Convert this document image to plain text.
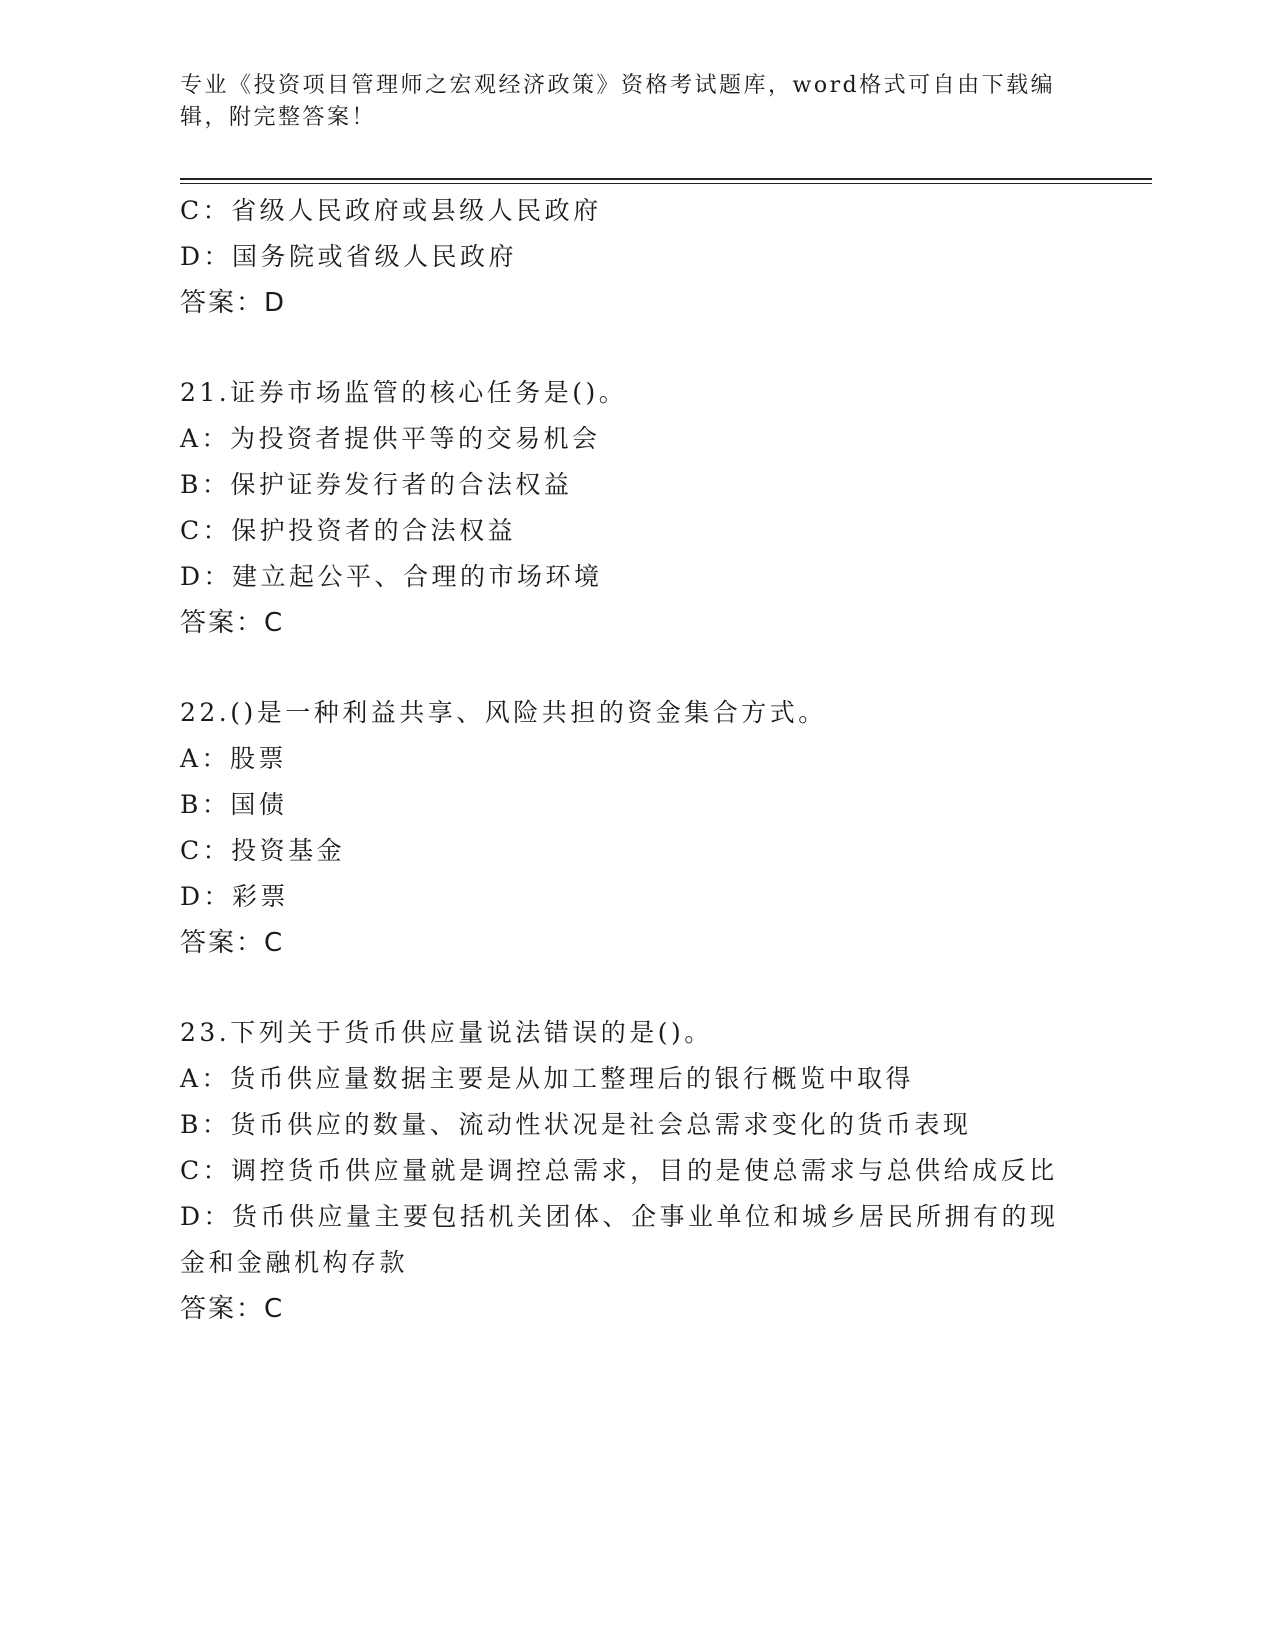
专业《投资项目管理师之宏观经济政策》资格考试题库，word格式可自由下载编
辑，附完整答案！
C：省级人民政府或县级人民政府
D：国务院或省级人民政府
答案：D
21.证券市场监管的核心任务是()。
A：为投资者提供平等的交易机会
B：保护证券发行者的合法权益
C：保护投资者的合法权益
D：建立起公平、合理的市场环境
答案：C
22.()是一种利益共享、风险共担的资金集合方式。
A：股票
B：国债
C：投资基金
D：彩票
答案：C
23.下列关于货币供应量说法错误的是()。
A：货币供应量数据主要是从加工整理后的银行概览中取得
B：货币供应的数量、流动性状况是社会总需求变化的货币表现
C：调控货币供应量就是调控总需求，目的是使总需求与总供给成反比
D：货币供应量主要包括机关团体、企事业单位和城乡居民所拥有的现
金和金融机构存款
答案：C
